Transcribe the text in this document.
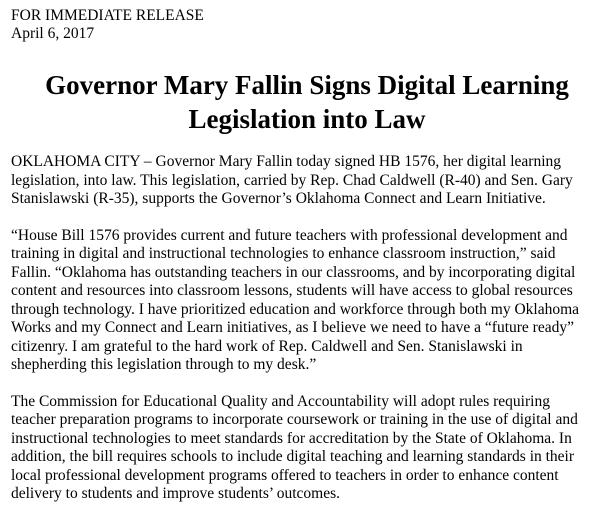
FOR IMMEDIATE RELEASE

April 6, 2017

Governor Mary Fallin Signs Digital Learning
Legislation into Law

OKLAHOMA CITY – Governor Mary Fallin today signed HB 1576, her digital learning
legislation, into law. This legislation, carried by Rep. Chad Caldwell (R-40) and Sen. Gary
Stanislawski (R-35), supports the Governor’s Oklahoma Connect and Learn Initiative.

“House Bill 1576 provides current and future teachers with professional development and
training in digital and instructional technologies to enhance classroom instruction,” said
Fallin. “Oklahoma has outstanding teachers in our classrooms, and by incorporating digital
content and resources into classroom lessons, students will have access to global resources
through technology. I have prioritized education and workforce through both my Oklahoma
Works and my Connect and Learn initiatives, as I believe we need to have a “future ready”
citizenry. I am grateful to the hard work of Rep. Caldwell and Sen. Stanislawski in
shepherding this legislation through to my desk.”

The Commission for Educational Quality and Accountability will adopt rules requiring
teacher preparation programs to incorporate coursework or training in the use of digital and
instructional technologies to meet standards for accreditation by the State of Oklahoma. In
addition, the bill requires schools to include digital teaching and learning standards in their
local professional development programs offered to teachers in order to enhance content
delivery to students and improve students’ outcomes.
